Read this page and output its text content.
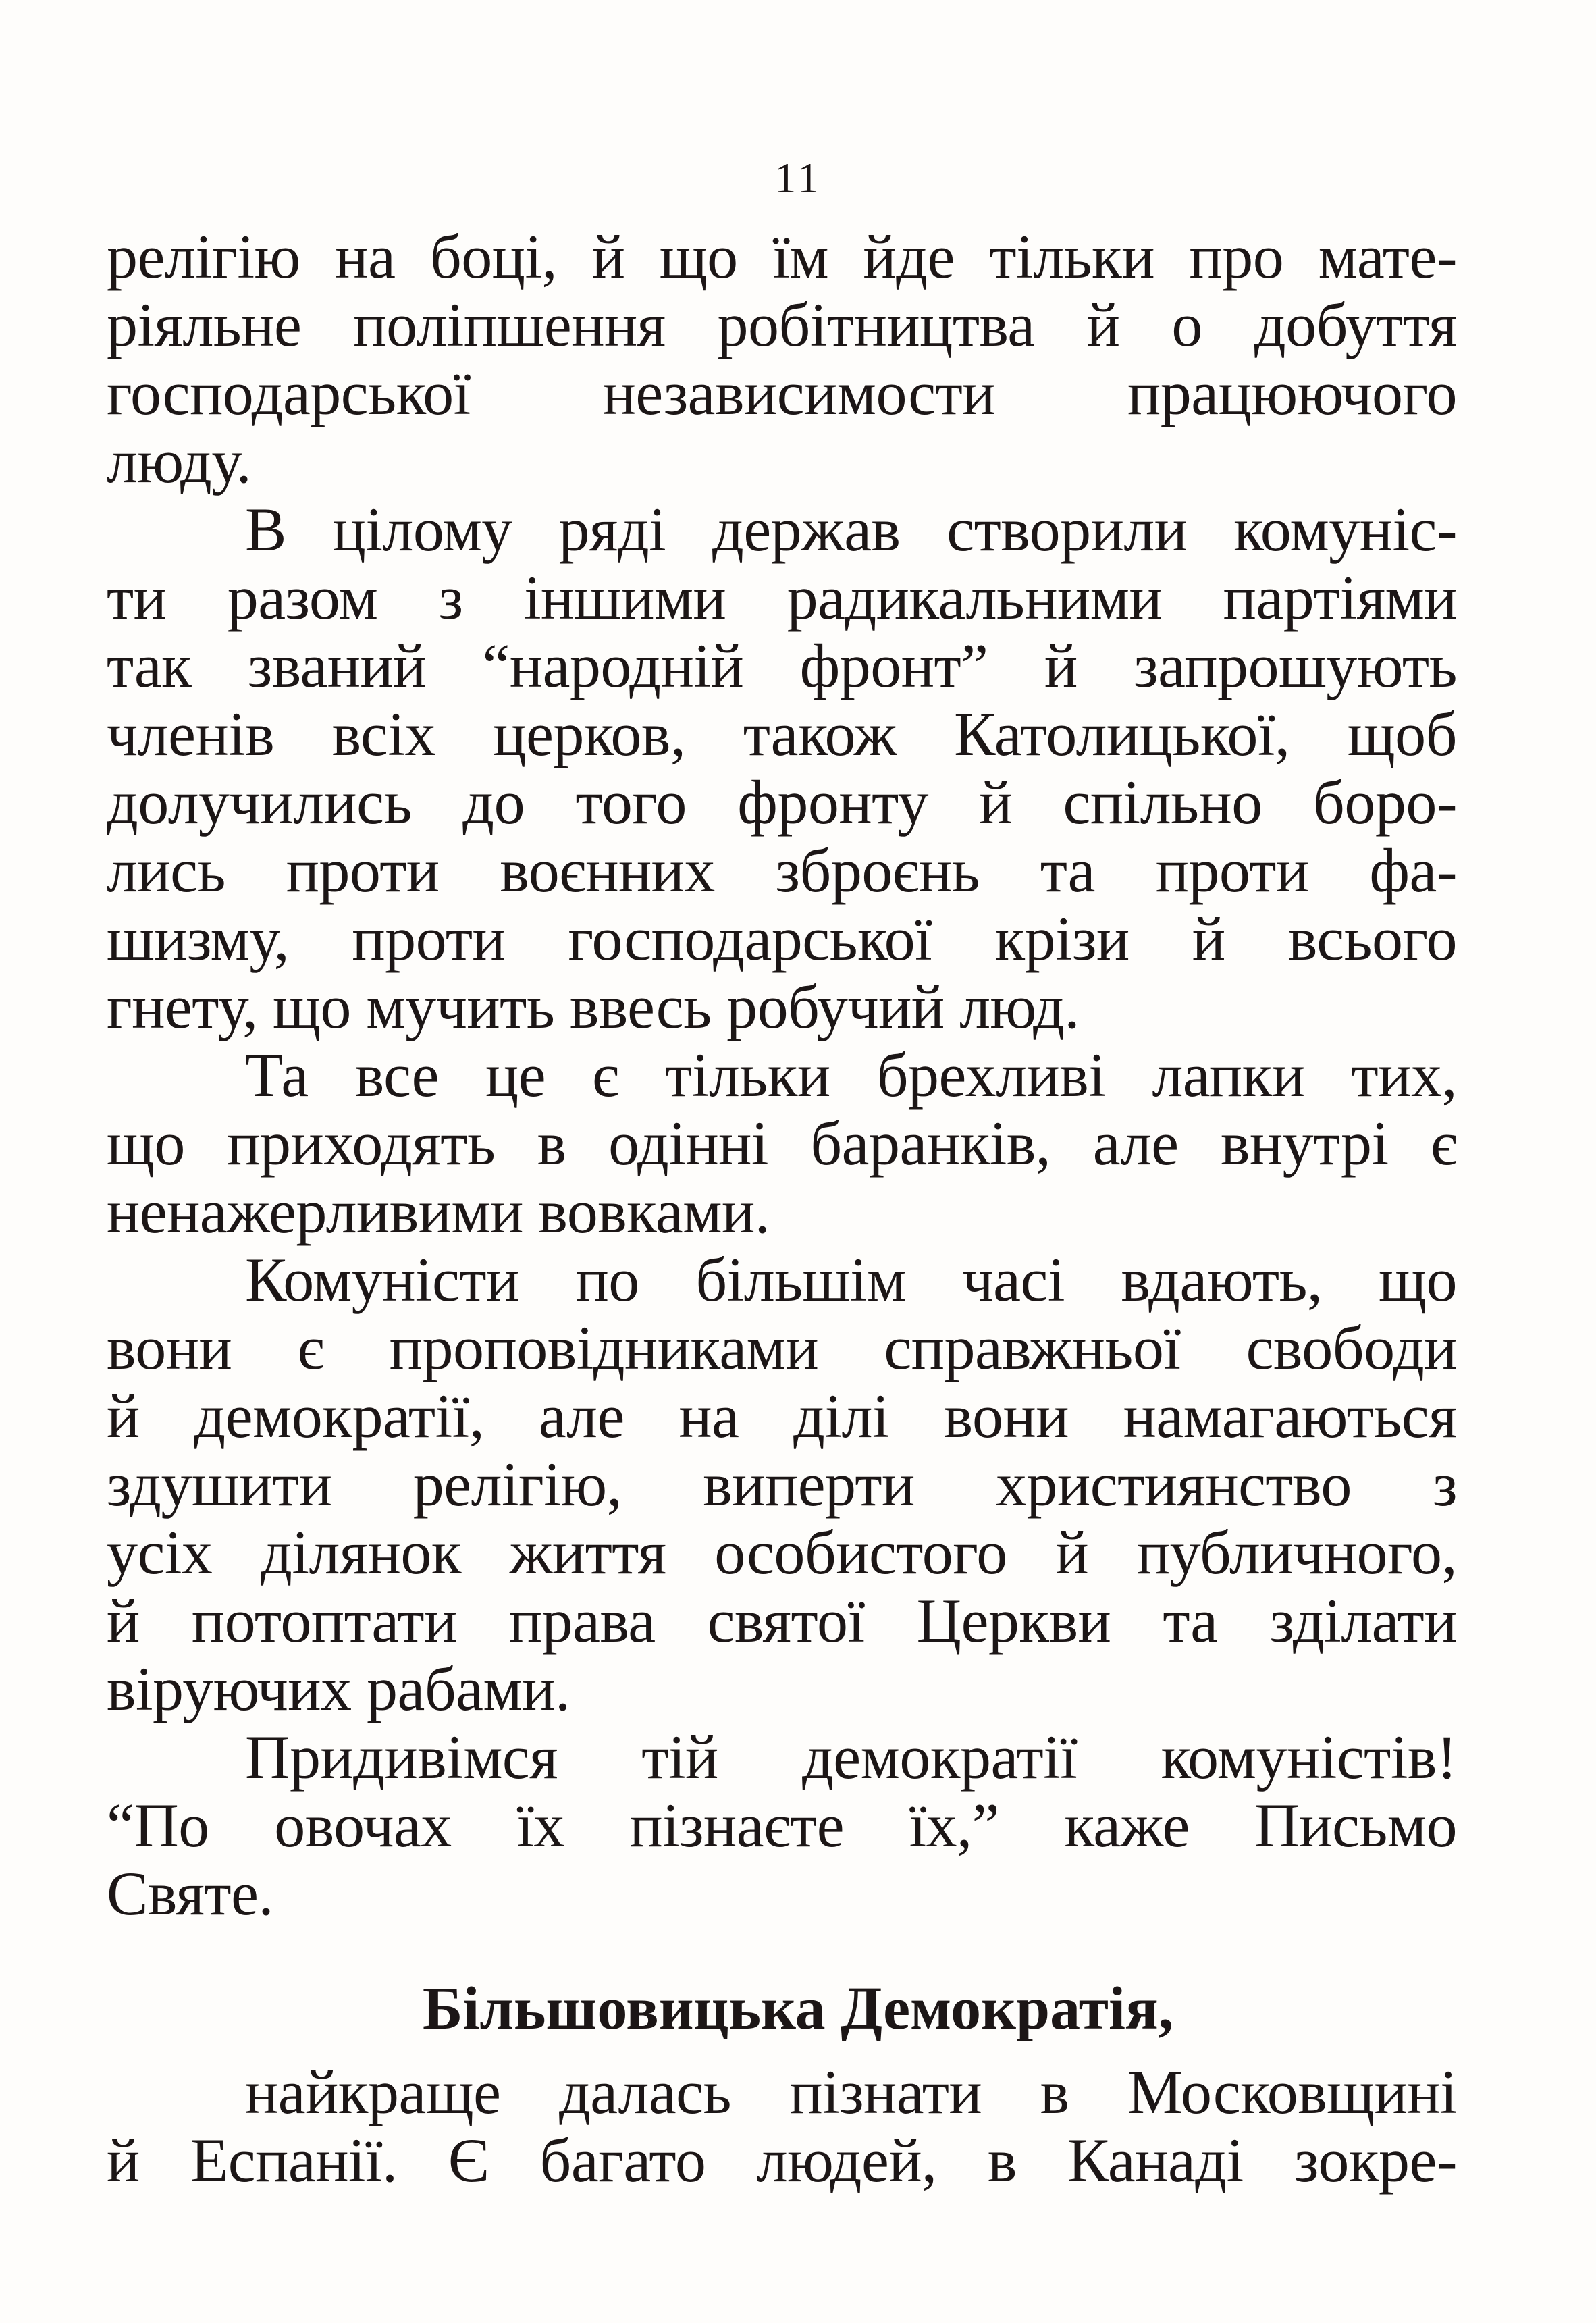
11
релігію на боці, й що їм йде тільки про мате-
ріяльне поліпшення робітництва й о добуття
господарської независимости працюючого
люду.
В цілому ряді держав створили комуніс-
ти разом з іншими радикальними партіями
так званий “народній фронт” й запрошують
членів всіх церков, також Католицької, щоб
долучились до того фронту й спільно боро-
лись проти воєнних зброєнь та проти фа-
шизму, проти господарської крізи й всього
гнету, що мучить ввесь робучий люд.
Та все це є тільки брехливі лапки тих,
що приходять в одінні баранків, але внутрі є
ненажерливими вовками.
Комуністи по більшім часі вдають, що
вони є проповідниками справжньої свободи
й демократії, але на ділі вони намагаються
здушити релігію, виперти християнство з
усіх ділянок життя особистого й публичного,
й потоптати права святої Церкви та зділати
віруючих рабами.
Придивімся тій демократії комуністів!
“По овочах їх пізнаєте їх,” каже Письмо
Святе.
Більшовицька Демократія,
найкраще далась пізнати в Московщині
й Еспанії. Є багато людей, в Канаді зокре-
